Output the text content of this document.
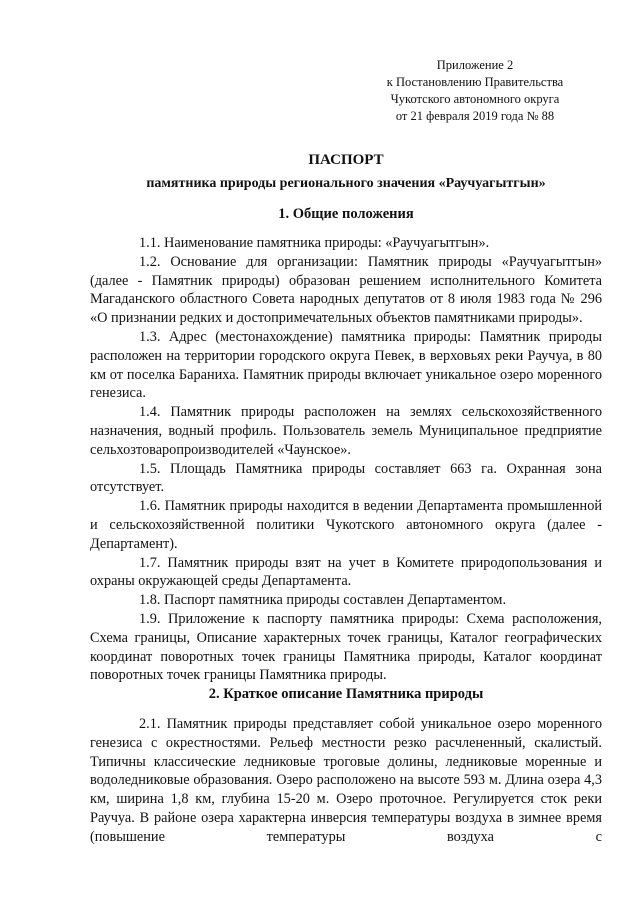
Приложение 2
к Постановлению Правительства
Чукотского автономного округа
от 21 февраля 2019 года № 88
ПАСПОРТ
памятника природы регионального значения «Раучуагытгын»
1. Общие положения

1.1. Наименование памятника природы: «Раучуагытгын».

1.2. Основание для организации: Памятник природы «Раучуагытгын» (далее - Памятник природы) образован решением исполнительного Комитета Магаданского областного Совета народных депутатов от 8 июля 1983 года № 296 «О признании редких и достопримечательных объектов памятниками природы».

1.3. Адрес (местонахождение) памятника природы: Памятник природы расположен на территории городского округа Певек, в верховьях реки Раучуа, в 80 км от поселка Бараниха. Памятник природы включает уникальное озеро моренного генезиса.

1.4. Памятник природы расположен на землях сельскохозяйственного назначения, водный профиль. Пользователь земель Муниципальное предприятие сельхозтоваропроизводителей «Чаунское».

1.5. Площадь Памятника природы составляет 663 га. Охранная зона отсутствует.

1.6. Памятник природы находится в ведении Департамента промышленной и сельскохозяйственной политики Чукотского автономного округа (далее - Департамент).

1.7. Памятник природы взят на учет в Комитете природопользования и охраны окружающей среды Департамента.

1.8. Паспорт памятника природы составлен Департаментом.

1.9. Приложение к паспорту памятника природы: Схема расположения, Схема границы, Описание характерных точек границы, Каталог географических координат поворотных точек границы Памятника природы, Каталог координат поворотных точек границы Памятника природы.

2. Краткое описание Памятника природы

2.1. Памятник природы представляет собой уникальное озеро моренного генезиса с окрестностями. Рельеф местности резко расчлененный, скалистый. Типичны классические ледниковые троговые долины, ледниковые моренные и водоледниковые образования. Озеро расположено на высоте 593 м. Длина озера 4,3 км, ширина 1,8 км, глубина 15-20 м. Озеро проточное. Регулируется сток реки Раучуа. В районе озера характерна инверсия температуры воздуха в зимнее время (повышение температуры воздуха с
